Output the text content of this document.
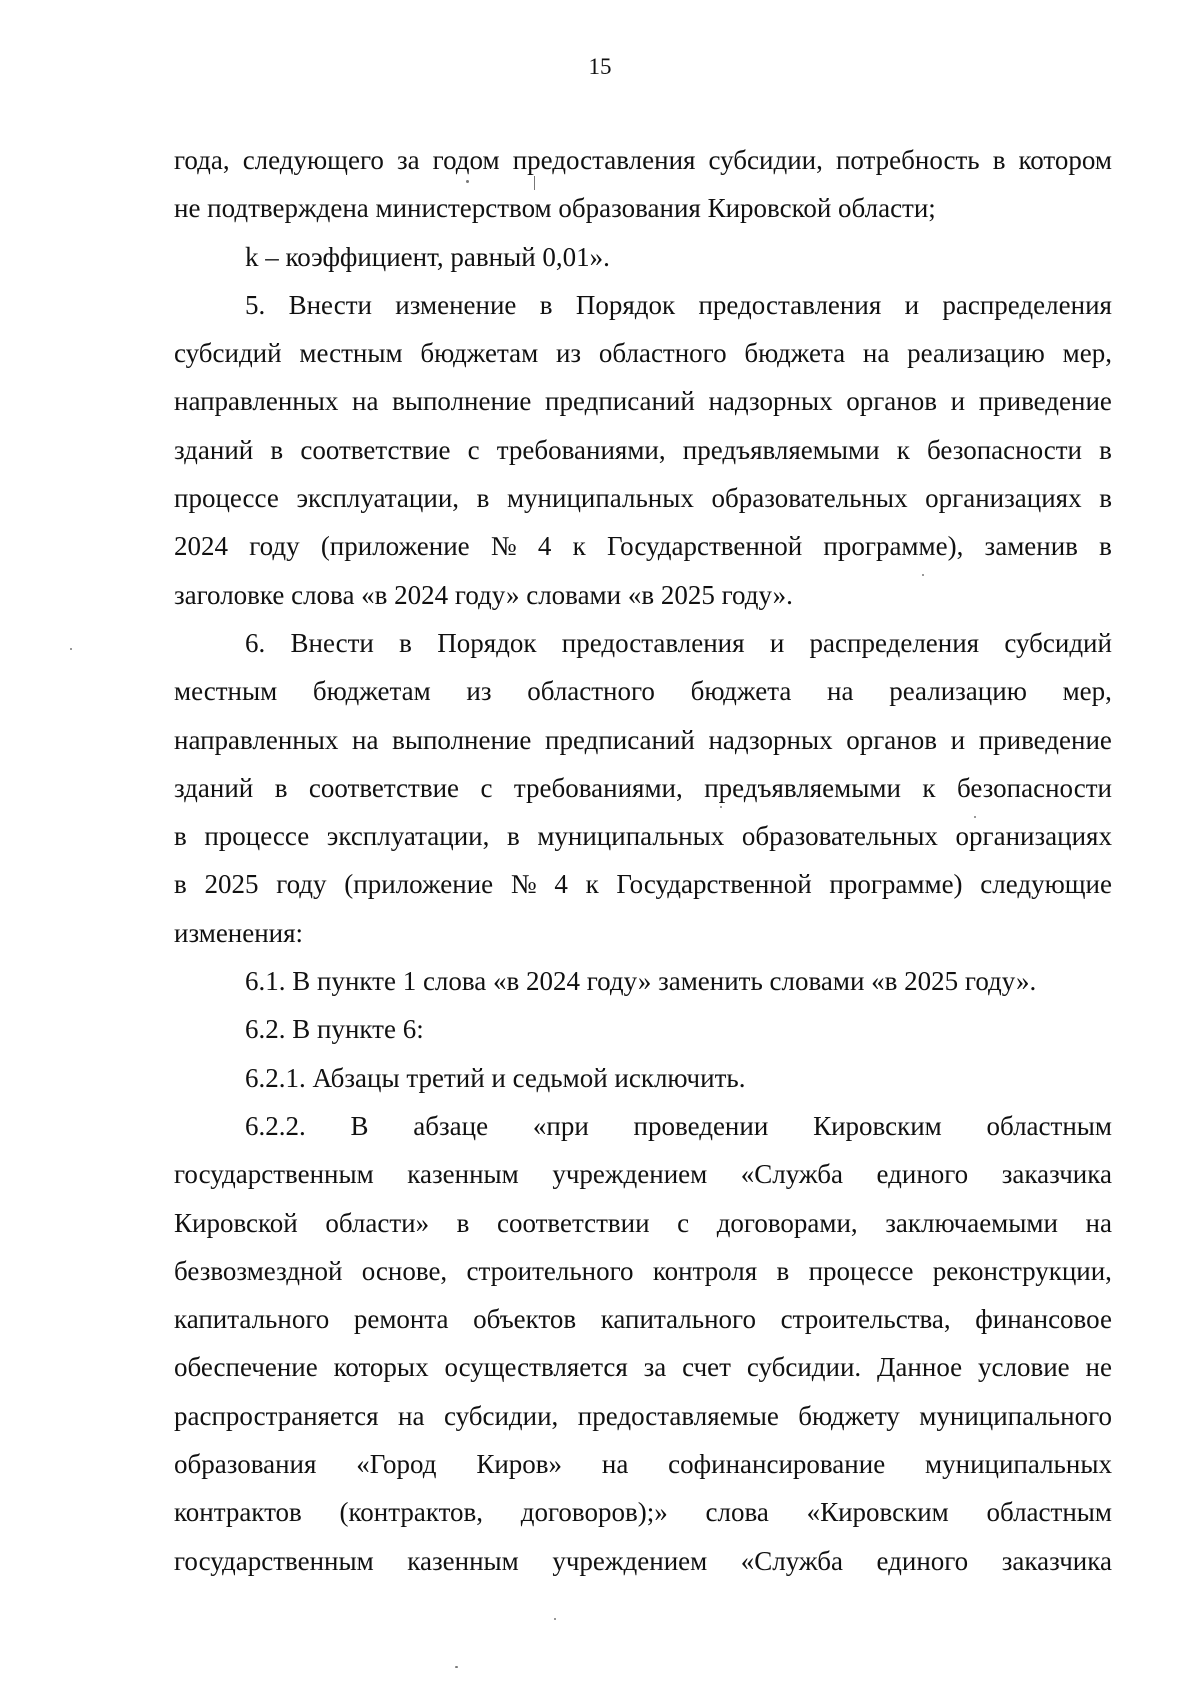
15
года, следующего за годом предоставления субсидии, потребность в котором
не подтверждена министерством образования Кировской области;
k – коэффициент, равный 0,01».
5. Внести изменение в Порядок предоставления и распределения
субсидий местным бюджетам из областного бюджета на реализацию мер,
направленных на выполнение предписаний надзорных органов и приведение
зданий в соответствие с требованиями, предъявляемыми к безопасности в
процессе эксплуатации, в муниципальных образовательных организациях в
2024 году (приложение № 4 к Государственной программе), заменив в
заголовке слова «в 2024 году» словами «в 2025 году».
6. Внести в Порядок предоставления и распределения субсидий
местным бюджетам из областного бюджета на реализацию мер,
направленных на выполнение предписаний надзорных органов и приведение
зданий в соответствие с требованиями, предъявляемыми к безопасности
в процессе эксплуатации, в муниципальных образовательных организациях
в 2025 году (приложение № 4 к Государственной программе) следующие
изменения:
6.1. В пункте 1 слова «в 2024 году» заменить словами «в 2025 году».
6.2. В пункте 6:
6.2.1. Абзацы третий и седьмой исключить.
6.2.2. В абзаце «при проведении Кировским областным
государственным казенным учреждением «Служба единого заказчика
Кировской области» в соответствии с договорами, заключаемыми на
безвозмездной основе, строительного контроля в процессе реконструкции,
капитального ремонта объектов капитального строительства, финансовое
обеспечение которых осуществляется за счет субсидии. Данное условие не
распространяется на субсидии, предоставляемые бюджету муниципального
образования «Город Киров» на софинансирование муниципальных
контрактов (контрактов, договоров);» слова «Кировским областным
государственным казенным учреждением «Служба единого заказчика
